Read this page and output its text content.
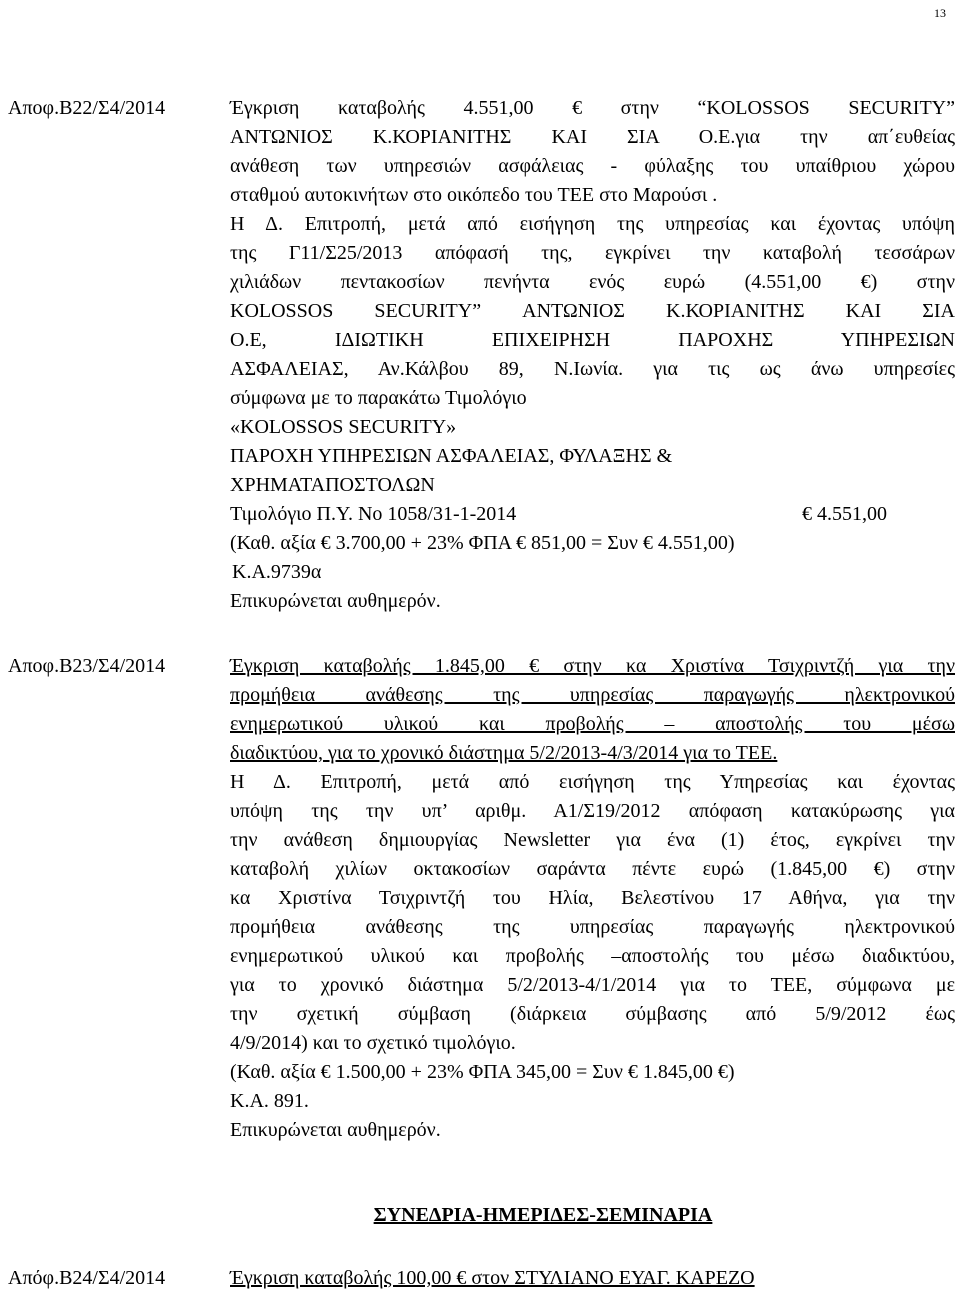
13
Αποφ.Β22/Σ4/2014	Έγκριση καταβολής 4.551,00 € στην “KOLOSSOS SECURITY”
ΑΝΤΩΝΙΟΣ Κ.ΚΟΡΙΑΝΙΤΗΣ ΚΑΙ ΣΙΑ Ο.Ε.για την απ΄ευθείας
ανάθεση των υπηρεσιών ασφάλειας - φύλαξης του υπαίθριου χώρου
σταθμού αυτοκινήτων στο οικόπεδο του ΤΕΕ στο Μαρούσι .
Η Δ. Επιτροπή, μετά από εισήγηση της υπηρεσίας και έχοντας υπόψη
της Γ11/Σ25/2013 απόφασή της, εγκρίνει την καταβολή τεσσάρων
χιλιάδων πεντακοσίων πενήντα ενός ευρώ (4.551,00 €) στην
KOLOSSOS SECURITY” ΑΝΤΩΝΙΟΣ Κ.ΚΟΡΙΑΝΙΤΗΣ ΚΑΙ ΣΙΑ
Ο.Ε, ΙΔΙΩΤΙΚΗ ΕΠΙΧΕΙΡΗΣΗ ΠΑΡΟΧΗΣ ΥΠΗΡΕΣΙΩΝ
ΑΣΦΑΛΕΙΑΣ, Αν.Κάλβου 89, Ν.Ιωνία. για τις ως άνω υπηρεσίες
σύμφωνα με το παρακάτω Τιμολόγιο
«KOLOSSOS SECURITY»
ΠΑΡΟΧΗ ΥΠΗΡΕΣΙΩΝ ΑΣΦΑΛΕΙΑΣ, ΦΥΛΑΞΗΣ &
ΧΡΗΜΑΤΑΠΟΣΤΟΛΩΝ
Τιμολόγιο Π.Υ. Νο 1058/31-1-2014	€ 4.551,00
(Καθ. αξία € 3.700,00 + 23% ΦΠΑ € 851,00 = Συν € 4.551,00)
Κ.Α.9739α
Επικυρώνεται αυθημερόν.
Αποφ.Β23/Σ4/2014	Έγκριση καταβολής 1.845,00 € στην κα Χριστίνα Τσιχριντζή για την
προμήθεια ανάθεσης της υπηρεσίας παραγωγής ηλεκτρονικού
ενημερωτικού υλικού και προβολής – αποστολής του μέσω
διαδικτύου, για το χρονικό διάστημα 5/2/2013-4/3/2014 για το ΤΕΕ.
Η Δ. Επιτροπή, μετά από εισήγηση της Υπηρεσίας και έχοντας
υπόψη της την υπ’ αριθμ. Α1/Σ19/2012 απόφαση κατακύρωσης για
την ανάθεση δημιουργίας Newsletter για ένα (1) έτος, εγκρίνει την
καταβολή χιλίων οκτακοσίων σαράντα πέντε ευρώ (1.845,00 €) στην
κα Χριστίνα Τσιχριντζή του Ηλία, Βελεστίνου 17 Αθήνα, για την
προμήθεια ανάθεσης της υπηρεσίας παραγωγής ηλεκτρονικού
ενημερωτικού υλικού και προβολής –αποστολής του μέσω διαδικτύου,
για το χρονικό διάστημα 5/2/2013-4/1/2014 για το ΤΕΕ, σύμφωνα με
την σχετική σύμβαση (διάρκεια σύμβασης από 5/9/2012 έως
4/9/2014) και το σχετικό τιμολόγιο.
(Καθ. αξία € 1.500,00 + 23% ΦΠΑ 345,00 = Συν € 1.845,00 €)
Κ.Α. 891.
Επικυρώνεται αυθημερόν.
ΣΥΝΕΔΡΙΑ-ΗΜΕΡΙΔΕΣ-ΣΕΜΙΝΑΡΙΑ
Απόφ.Β24/Σ4/2014	Έγκριση καταβολής 100,00 € στον ΣΤΥΛΙΑΝΟ ΕΥΑΓ. ΚΑΡΕΖΟ
